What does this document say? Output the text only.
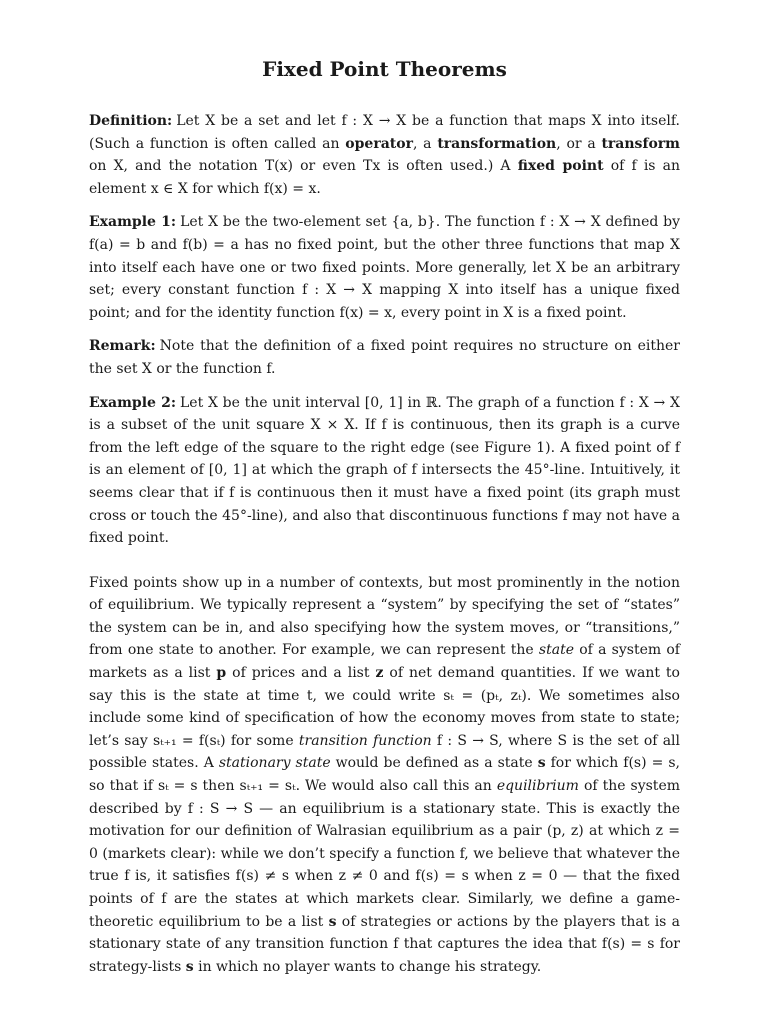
Fixed Point Theorems

Definition: Let X be a set and let f : X → X be a function that maps X into itself. (Such a function is often called an operator, a transformation, or a transform on X, and the notation T(x) or even Tx is often used.) A fixed point of f is an element x ∈ X for which f(x) = x.

Example 1: Let X be the two-element set {a, b}. The function f : X → X defined by f(a) = b and f(b) = a has no fixed point, but the other three functions that map X into itself each have one or two fixed points. More generally, let X be an arbitrary set; every constant function f : X → X mapping X into itself has a unique fixed point; and for the identity function f(x) = x, every point in X is a fixed point.

Remark: Note that the definition of a fixed point requires no structure on either the set X or the function f.

Example 2: Let X be the unit interval [0, 1] in ℝ. The graph of a function f : X → X is a subset of the unit square X × X. If f is continuous, then its graph is a curve from the left edge of the square to the right edge (see Figure 1). A fixed point of f is an element of [0, 1] at which the graph of f intersects the 45°-line. Intuitively, it seems clear that if f is continuous then it must have a fixed point (its graph must cross or touch the 45°-line), and also that discontinuous functions f may not have a fixed point.

Fixed points show up in a number of contexts, but most prominently in the notion of equilibrium. We typically represent a “system” by specifying the set of “states” the system can be in, and also specifying how the system moves, or “transitions,” from one state to another. For example, we can represent the state of a system of markets as a list p of prices and a list z of net demand quantities. If we want to say this is the state at time t, we could write sₜ = (pₜ, zₜ). We sometimes also include some kind of specification of how the economy moves from state to state; let’s say sₜ₊₁ = f(sₜ) for some transition function f : S → S, where S is the set of all possible states. A stationary state would be defined as a state s for which f(s) = s, so that if sₜ = s then sₜ₊₁ = sₜ. We would also call this an equilibrium of the system described by f : S → S — an equilibrium is a stationary state. This is exactly the motivation for our definition of Walrasian equilibrium as a pair (p, z) at which z = 0 (markets clear): while we don’t specify a function f, we believe that whatever the true f is, it satisfies f(s) ≠ s when z ≠ 0 and f(s) = s when z = 0 — that the fixed points of f are the states at which markets clear. Similarly, we define a game-theoretic equilibrium to be a list s of strategies or actions by the players that is a stationary state of any transition function f that captures the idea that f(s) = s for strategy-lists s in which no player wants to change his strategy.
